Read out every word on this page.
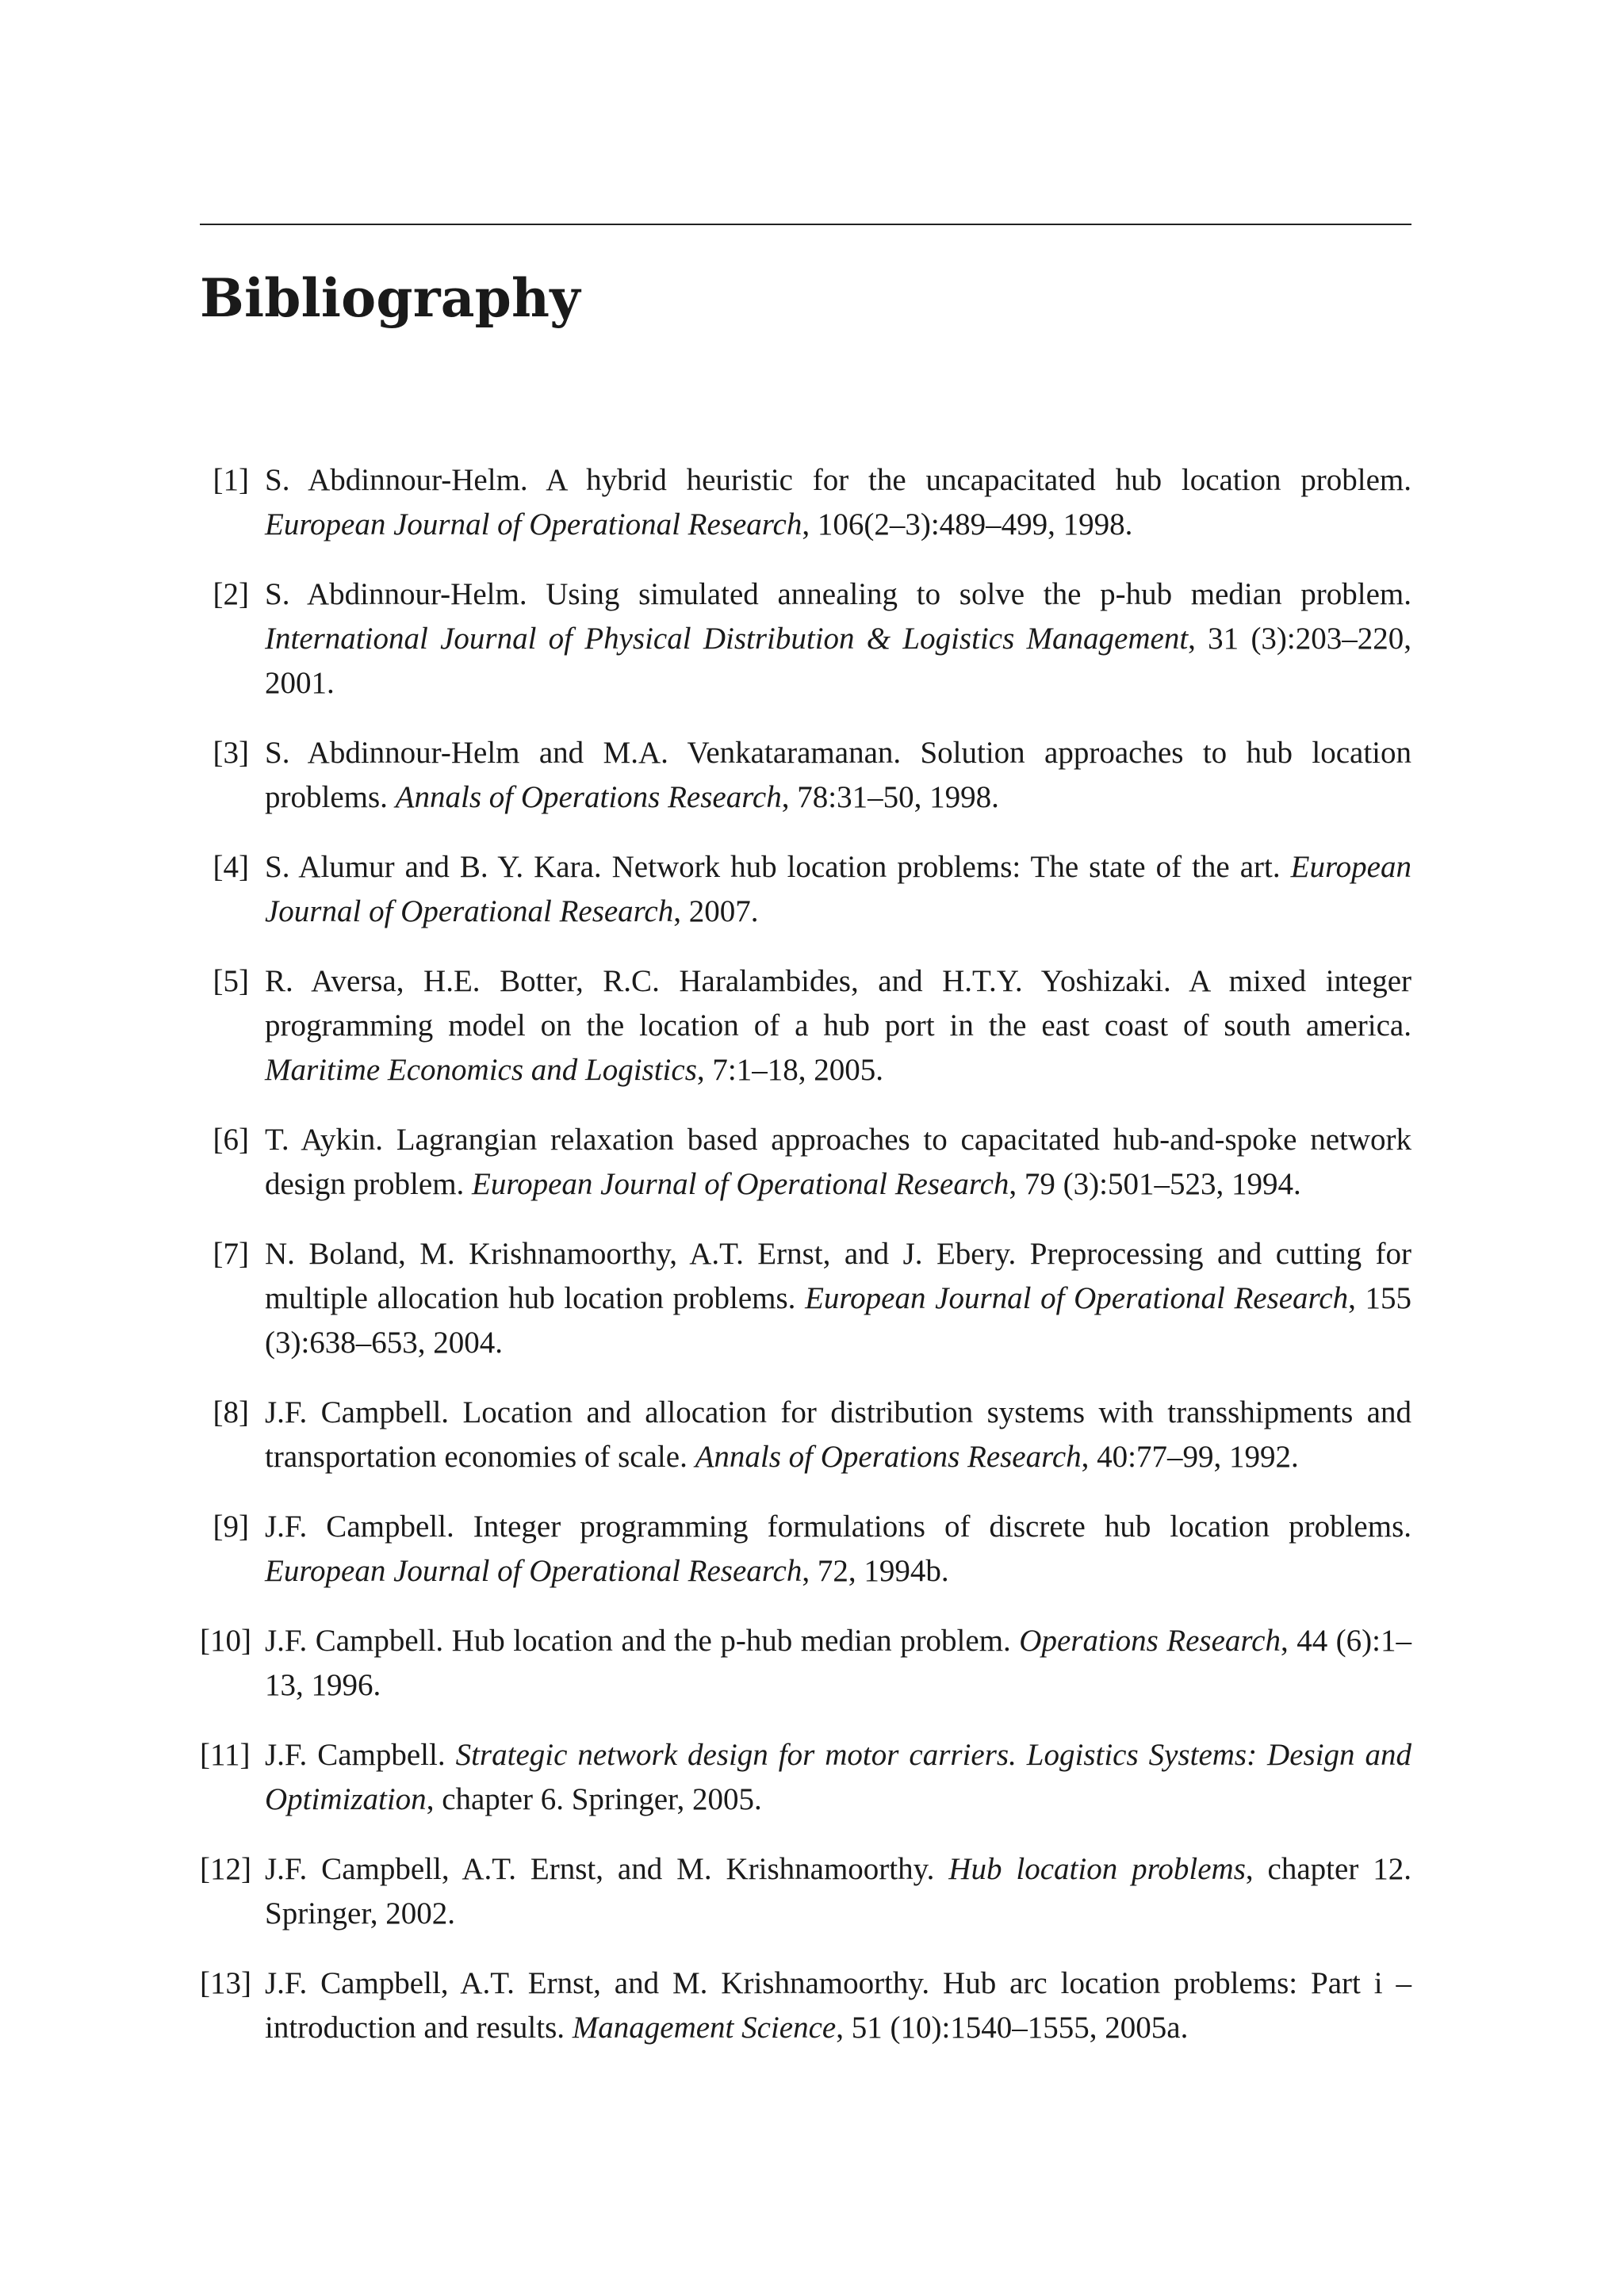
Bibliography
[1] S. Abdinnour-Helm. A hybrid heuristic for the uncapacitated hub location problem. European Journal of Operational Research, 106(2–3):489–499, 1998.
[2] S. Abdinnour-Helm. Using simulated annealing to solve the p-hub median problem. International Journal of Physical Distribution & Logistics Management, 31 (3):203–220, 2001.
[3] S. Abdinnour-Helm and M.A. Venkataramanan. Solution approaches to hub location problems. Annals of Operations Research, 78:31–50, 1998.
[4] S. Alumur and B. Y. Kara. Network hub location problems: The state of the art. European Journal of Operational Research, 2007.
[5] R. Aversa, H.E. Botter, R.C. Haralambides, and H.T.Y. Yoshizaki. A mixed integer programming model on the location of a hub port in the east coast of south america. Maritime Economics and Logistics, 7:1–18, 2005.
[6] T. Aykin. Lagrangian relaxation based approaches to capacitated hub-and-spoke network design problem. European Journal of Operational Research, 79 (3):501–523, 1994.
[7] N. Boland, M. Krishnamoorthy, A.T. Ernst, and J. Ebery. Preprocessing and cutting for multiple allocation hub location problems. European Journal of Operational Research, 155 (3):638–653, 2004.
[8] J.F. Campbell. Location and allocation for distribution systems with transshipments and transportation economies of scale. Annals of Operations Research, 40:77–99, 1992.
[9] J.F. Campbell. Integer programming formulations of discrete hub location problems. European Journal of Operational Research, 72, 1994b.
[10] J.F. Campbell. Hub location and the p-hub median problem. Operations Research, 44 (6):1–13, 1996.
[11] J.F. Campbell. Strategic network design for motor carriers. Logistics Systems: Design and Optimization, chapter 6. Springer, 2005.
[12] J.F. Campbell, A.T. Ernst, and M. Krishnamoorthy. Hub location problems, chapter 12. Springer, 2002.
[13] J.F. Campbell, A.T. Ernst, and M. Krishnamoorthy. Hub arc location problems: Part i – introduction and results. Management Science, 51 (10):1540–1555, 2005a.
